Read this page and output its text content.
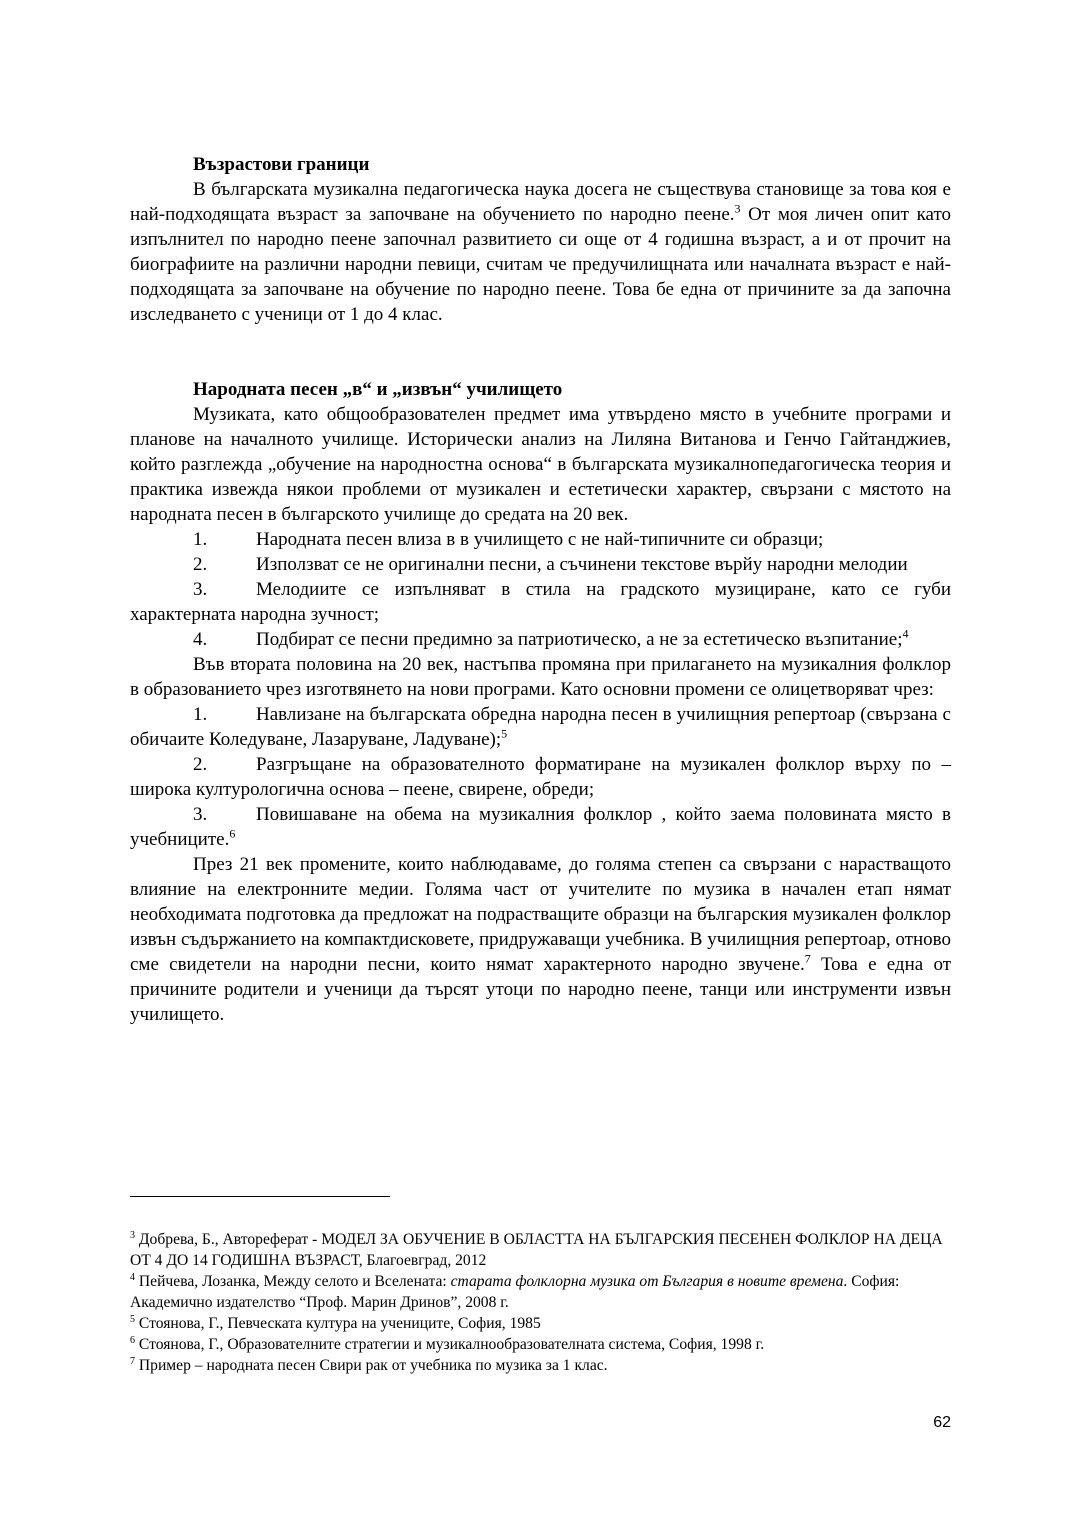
Възрастови граници

В българската музикална педагогическа наука досега не съществува становище за това коя е най-подходящата възраст за започване на обучението по народно пеене.$^3$ От моя личен опит като изпълнител по народно пеене започнал развитието си още от 4 годишна възраст, а и от прочит на биографиите на различни народни певици, считам че предучилищната или началната възраст е най-подходящата за започване на обучение по народно пеене. Това бе една от причините за да започна изследването с ученици от 1 до 4 клас.

Народната песен „в“ и „извън“ училището

Музиката, като общообразователен предмет има утвърдено място в учебните програми и планове на началното училище. Исторически анализ на Лиляна Витанова и Генчо Гайтанджиев, който разглежда „обучение на народностна основа“ в българската музикалнопедагогическа теория и практика извежда някои проблеми от музикален и естетически характер, свързани с мястото на народната песен в българското училище до средата на 20 век.

1.	Народната песен влиза в в училището с не най-типичните си образци;

2.	Използват се не оригинални песни, а съчинени текстове върйу народни мелодии

3.	Мелодиите се изпълняват в стила на градското музициране, като се губи характерната народна зучност;

4.	Подбират се песни предимно за патриотическо, а не за естетическо възпитание;$^4$

Във втората половина на 20 век, настъпва промяна при прилагането на музикалния фолклор в образованието чрез изготвянето на нови програми. Като основни промени се олицетворяват чрез:

1.	Навлизане на българската обредна народна песен в училищния репертоар (свързана с обичаите Коледуване, Лазаруване, Ладуване);$^5$

2.	Разгръщане на образователното форматиране на музикален фолклор върху по – широка културологична основа – пеене, свирене, обреди;

3.	Повишаване на обема на музикалния фолклор , който заема половината място в учебниците.$^6$

През 21 век промените, които наблюдаваме, до голяма степен са свързани с нарастващото влияние на електронните медии. Голяма част от учителите по музика в начален етап нямат необходимата подготовка да предложат на подрастващите образци на българския музикален фолклор извън съдържанието на компактдисковете, придружаващи учебника. В училищния репертоар, отново сме свидетели на народни песни, които нямат характерното народно звучене.$^7$ Това е една от причините родители и ученици да търсят утоци по народно пеене, танци или инструменти извън училището.

$^3$ Добрева, Б., Автореферат - МОДЕЛ ЗА ОБУЧЕНИЕ В ОБЛАСТТА НА БЪЛГАРСКИЯ ПЕСЕНЕН ФОЛКЛОР НА ДЕЦА ОТ 4 ДО 14 ГОДИШНА ВЪЗРАСТ, Благоевград, 2012

$^4$ Пейчева, Лозанка, Между селото и Вселената: старата фолклорна музика от България в новите времена. София: Академично издателство “Проф. Марин Дринов”, 2008 г.

$^5$ Стоянова, Г., Певческата култура на учениците, София, 1985

$^6$ Стоянова, Г., Образователните стратегии и музикалнообразователната система, София, 1998 г.

$^7$ Пример – народната песен Свири рак от учебника по музика за 1 клас.

62
